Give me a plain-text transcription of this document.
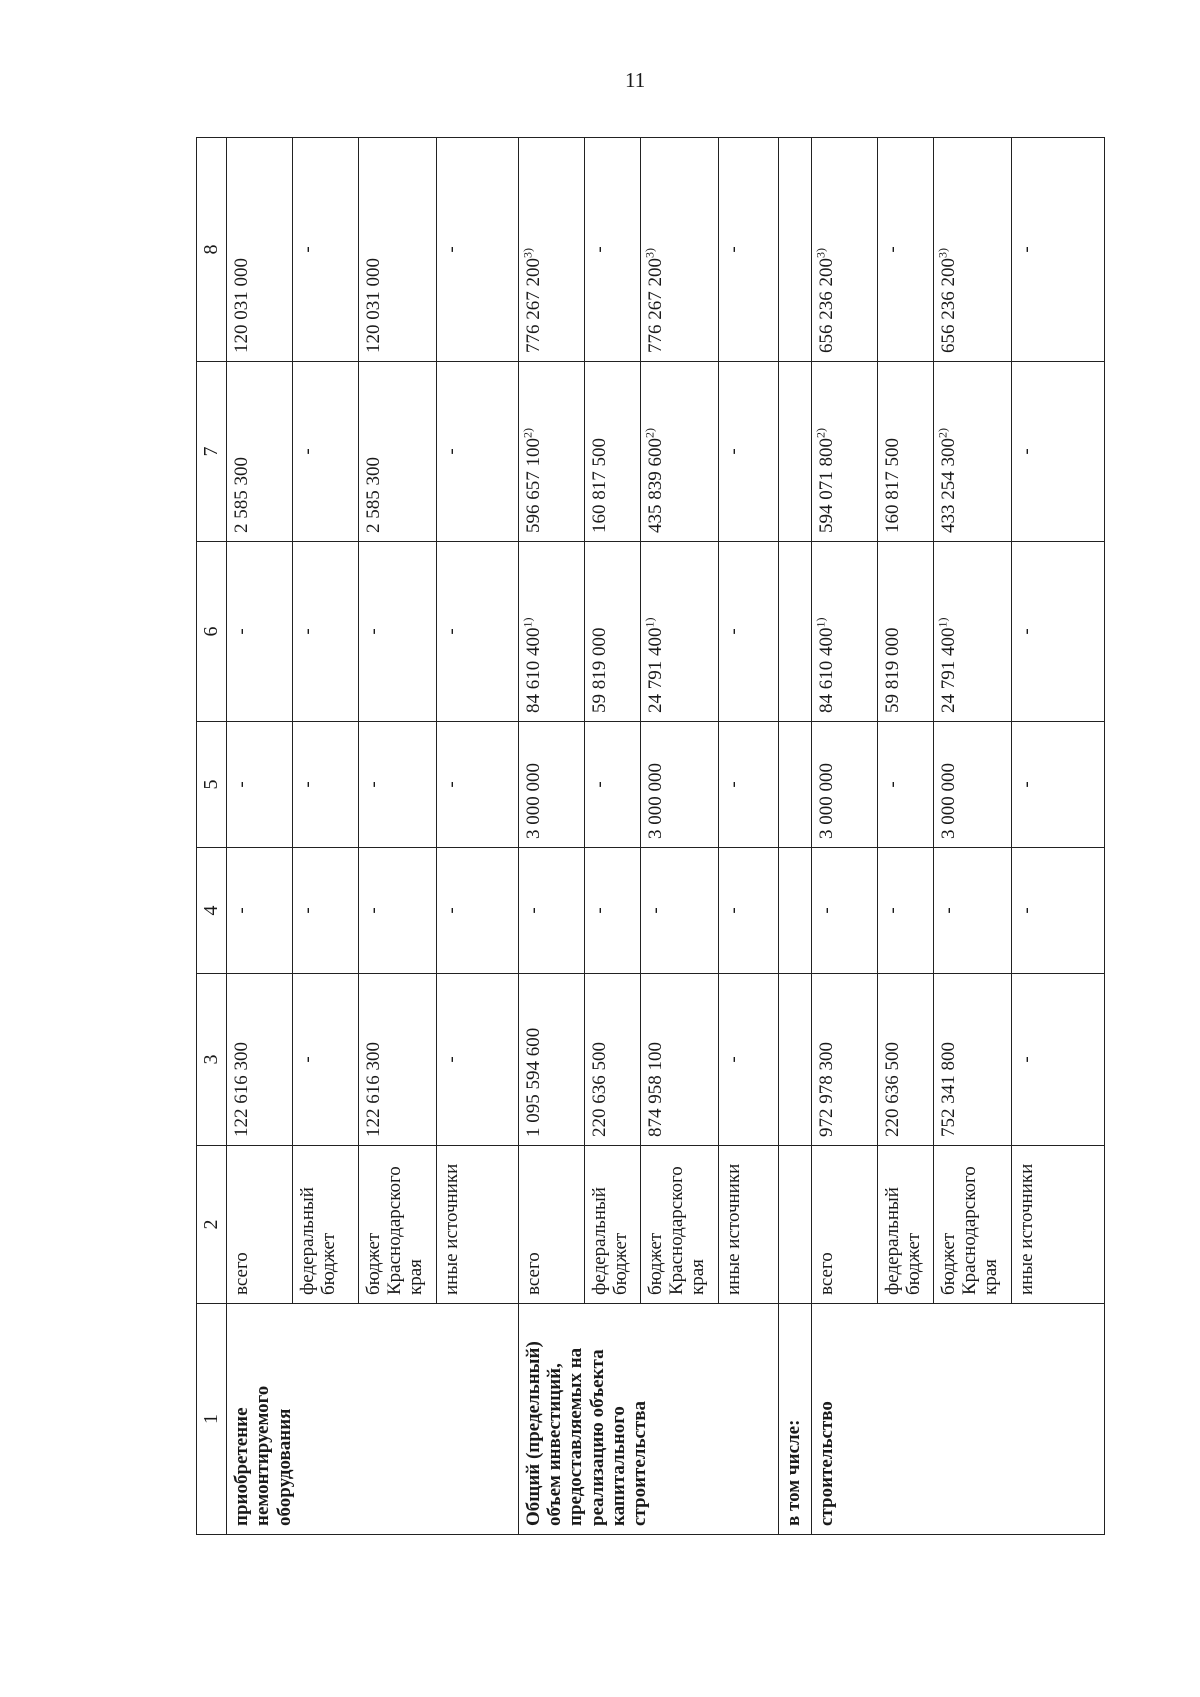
11
1	2	3	4	5	6	7	8
приобретение немонтируемого оборудования	всего	122 616 300	-	-	-	2 585 300	120 031 000
	федеральный бюджет	-	-	-	-	-	-
	бюджет Краснодарского края	122 616 300	-	-	-	2 585 300	120 031 000
	иные источники	-	-	-	-	-	-
Общий (предельный) объем инвестиций, предоставляемых на реализацию объекта капитального строительства	всего	1 095 594 600	-	3 000 000	84 610 400$^{1)}$	596 657 100$^{2)}$	776 267 200$^{3)}$
	федеральный бюджет	220 636 500	-	-	59 819 000	160 817 500	-
	бюджет Краснодарского края	874 958 100	-	3 000 000	24 791 400$^{1)}$	435 839 600$^{2)}$	776 267 200$^{3)}$
	иные источники	-	-	-	-	-	-
в том числе:							
строительство	всего	972 978 300	-	3 000 000	84 610 400$^{1)}$	594 071 800$^{2)}$	656 236 200$^{3)}$
	федеральный бюджет	220 636 500	-	-	59 819 000	160 817 500	-
	бюджет Краснодарского края	752 341 800	-	3 000 000	24 791 400$^{1)}$	433 254 300$^{2)}$	656 236 200$^{3)}$
	иные источники	-	-	-	-	-	-
